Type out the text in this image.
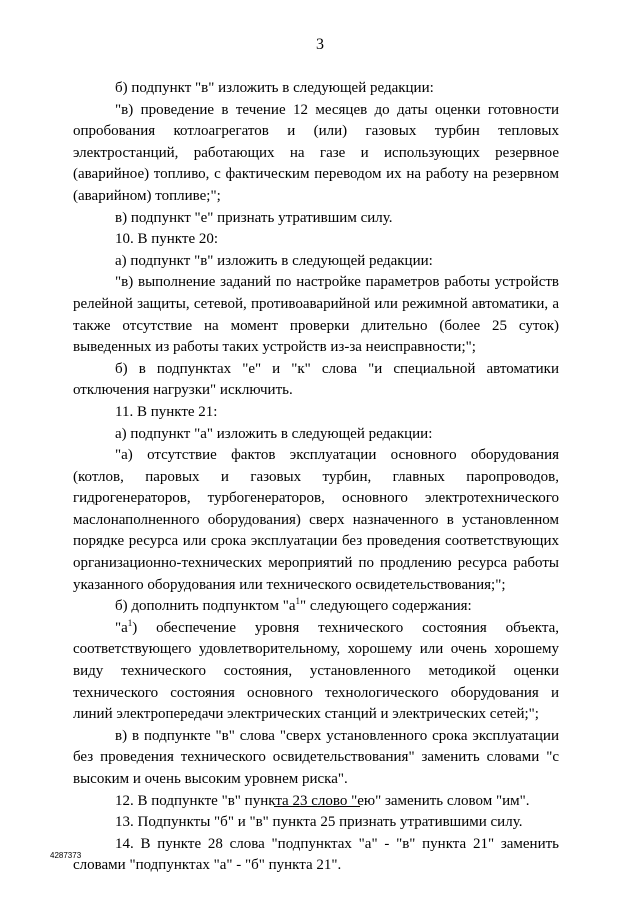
3

б) подпункт "в" изложить в следующей редакции:

"в) проведение в течение 12 месяцев до даты оценки готовности опробования котлоагрегатов и (или) газовых турбин тепловых электростанций, работающих на газе и использующих резервное (аварийное) топливо, с фактическим переводом их на работу на резервном (аварийном) топливе;";

в) подпункт "е" признать утратившим силу.

10. В пункте 20:

а) подпункт "в" изложить в следующей редакции:

"в) выполнение заданий по настройке параметров работы устройств релейной защиты, сетевой, противоаварийной или режимной автоматики, а также отсутствие на момент проверки длительно (более 25 суток) выведенных из работы таких устройств из-за неисправности;";

б) в подпунктах "е" и "к" слова "и специальной автоматики отключения нагрузки" исключить.

11. В пункте 21:

а) подпункт "а" изложить в следующей редакции:

"а) отсутствие фактов эксплуатации основного оборудования (котлов, паровых и газовых турбин, главных паропроводов, гидрогенераторов, турбогенераторов, основного электротехнического маслонаполненного оборудования) сверх назначенного в установленном порядке ресурса или срока эксплуатации без проведения соответствующих организационно-технических мероприятий по продлению ресурса работы указанного оборудования или технического освидетельствования;";

б) дополнить подпунктом "$а^1$" следующего содержания:

"$а^1$) обеспечение уровня технического состояния объекта, соответствующего удовлетворительному, хорошему или очень хорошему виду технического состояния, установленного методикой оценки технического состояния основного технологического оборудования и линий электропередачи электрических станций и электрических сетей;";

в) в подпункте "в" слова "сверх установленного срока эксплуатации без проведения технического освидетельствования" заменить словами "с высоким и очень высоким уровнем риска".

12. В подпункте "в" пункта 23 слово "ею" заменить словом "им".

13. Подпункты "б" и "в" пункта 25 признать утратившими силу.

14. В пункте 28 слова "подпунктах "а" - "в" пункта 21" заменить словами "подпунктах "а" - "б" пункта 21".

4287373
